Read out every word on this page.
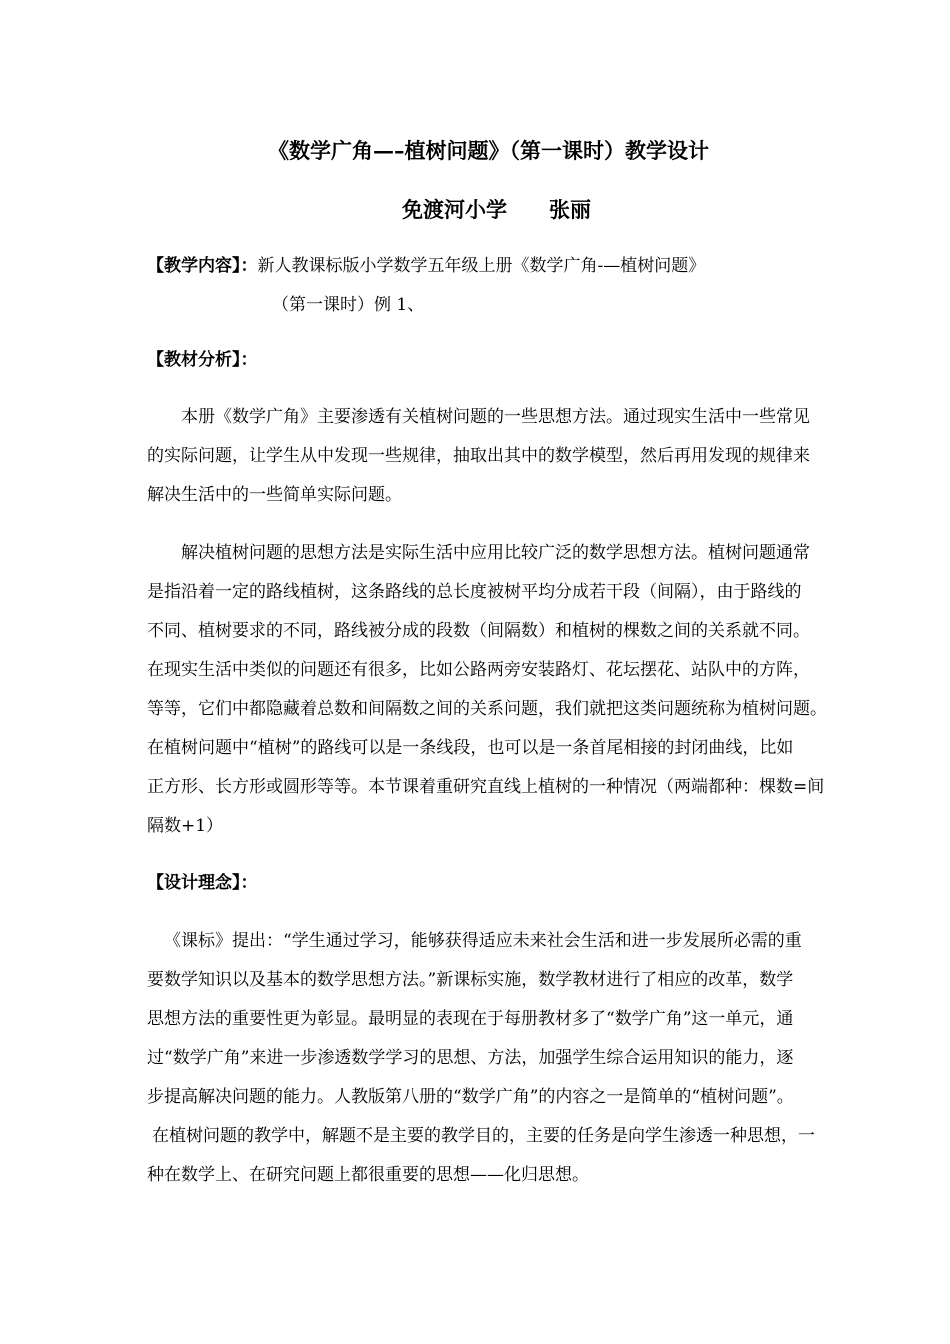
《数学广角—–植树问题》（第一课时）教学设计
免渡河小学　　张丽
【教学内容】：新人教课标版小学数学五年级上册《数学广角-—植树问题》
（第一课时）例 1、
【教材分析】：
本册《数学广角》主要渗透有关植树问题的一些思想方法。通过现实生活中一些常见
的实际问题，让学生从中发现一些规律，抽取出其中的数学模型，然后再用发现的规律来
解决生活中的一些简单实际问题。
解决植树问题的思想方法是实际生活中应用比较广泛的数学思想方法。植树问题通常
是指沿着一定的路线植树，这条路线的总长度被树平均分成若干段（间隔），由于路线的
不同、植树要求的不同，路线被分成的段数（间隔数）和植树的棵数之间的关系就不同。
在现实生活中类似的问题还有很多，比如公路两旁安装路灯、花坛摆花、站队中的方阵，
等等，它们中都隐藏着总数和间隔数之间的关系问题，我们就把这类问题统称为植树问题。
在植树问题中“植树”的路线可以是一条线段，也可以是一条首尾相接的封闭曲线，比如
正方形、长方形或圆形等等。本节课着重研究直线上植树的一种情况（两端都种：棵数=间
隔数+1）
【设计理念】：
《课标》提出：“学生通过学习，能够获得适应未来社会生活和进一步发展所必需的重
要数学知识以及基本的数学思想方法。”新课标实施，数学教材进行了相应的改革，数学
思想方法的重要性更为彰显。最明显的表现在于每册教材多了“数学广角”这一单元，通
过“数学广角”来进一步渗透数学学习的思想、方法，加强学生综合运用知识的能力，逐
步提高解决问题的能力。人教版第八册的“数学广角”的内容之一是简单的“植树问题”。
在植树问题的教学中，解题不是主要的教学目的，主要的任务是向学生渗透一种思想，一
种在数学上、在研究问题上都很重要的思想——化归思想。
